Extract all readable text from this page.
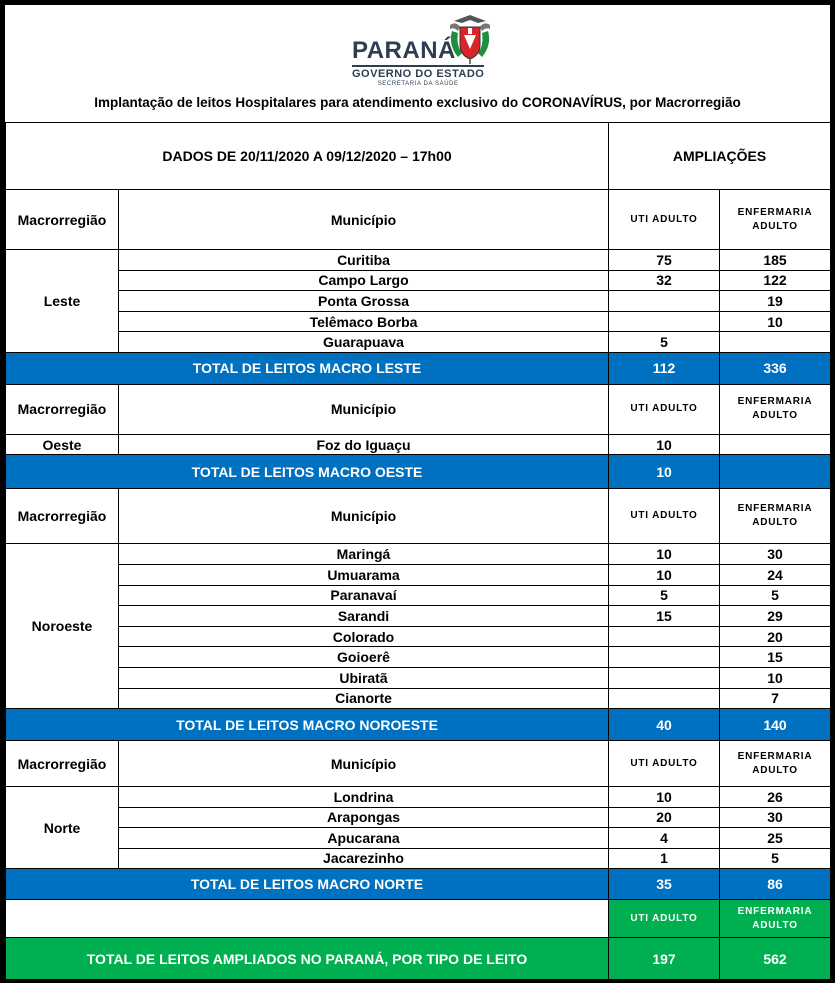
PARANÁ
GOVERNO DO ESTADO
SECRETARIA DA SAÚDE
Implantação de leitos Hospitalares para atendimento exclusivo do CORONAVÍRUS, por Macrorregião
DADOS DE 20/11/2020 A 09/12/2020 – 17h00		AMPLIAÇÕES	
Macrorregião	Município	UTI ADULTO	ENFERMARIA
ADULTO
Leste	Curitiba	75	185
	Campo Largo	32	122
	Ponta Grossa		19
	Telêmaco Borba		10
	Guarapuava	5	
TOTAL DE LEITOS MACRO LESTE		112	336
Macrorregião	Município	UTI ADULTO	ENFERMARIA
ADULTO
Oeste	Foz do Iguaçu	10	
TOTAL DE LEITOS MACRO OESTE		10	
Macrorregião	Município	UTI ADULTO	ENFERMARIA
ADULTO
Noroeste	Maringá	10	30
	Umuarama	10	24
	Paranavaí	5	5
	Sarandi	15	29
	Colorado		20
	Goioerê		15
	Ubiratã		10
	Cianorte		7
TOTAL DE LEITOS MACRO NOROESTE		40	140
Macrorregião	Município	UTI ADULTO	ENFERMARIA
ADULTO
Norte	Londrina	10	26
	Arapongas	20	30
	Apucarana	4	25
	Jacarezinho	1	5
TOTAL DE LEITOS MACRO NORTE		35	86
		UTI ADULTO	ENFERMARIA
ADULTO
TOTAL DE LEITOS AMPLIADOS NO PARANÁ, POR TIPO DE LEITO		197	562
